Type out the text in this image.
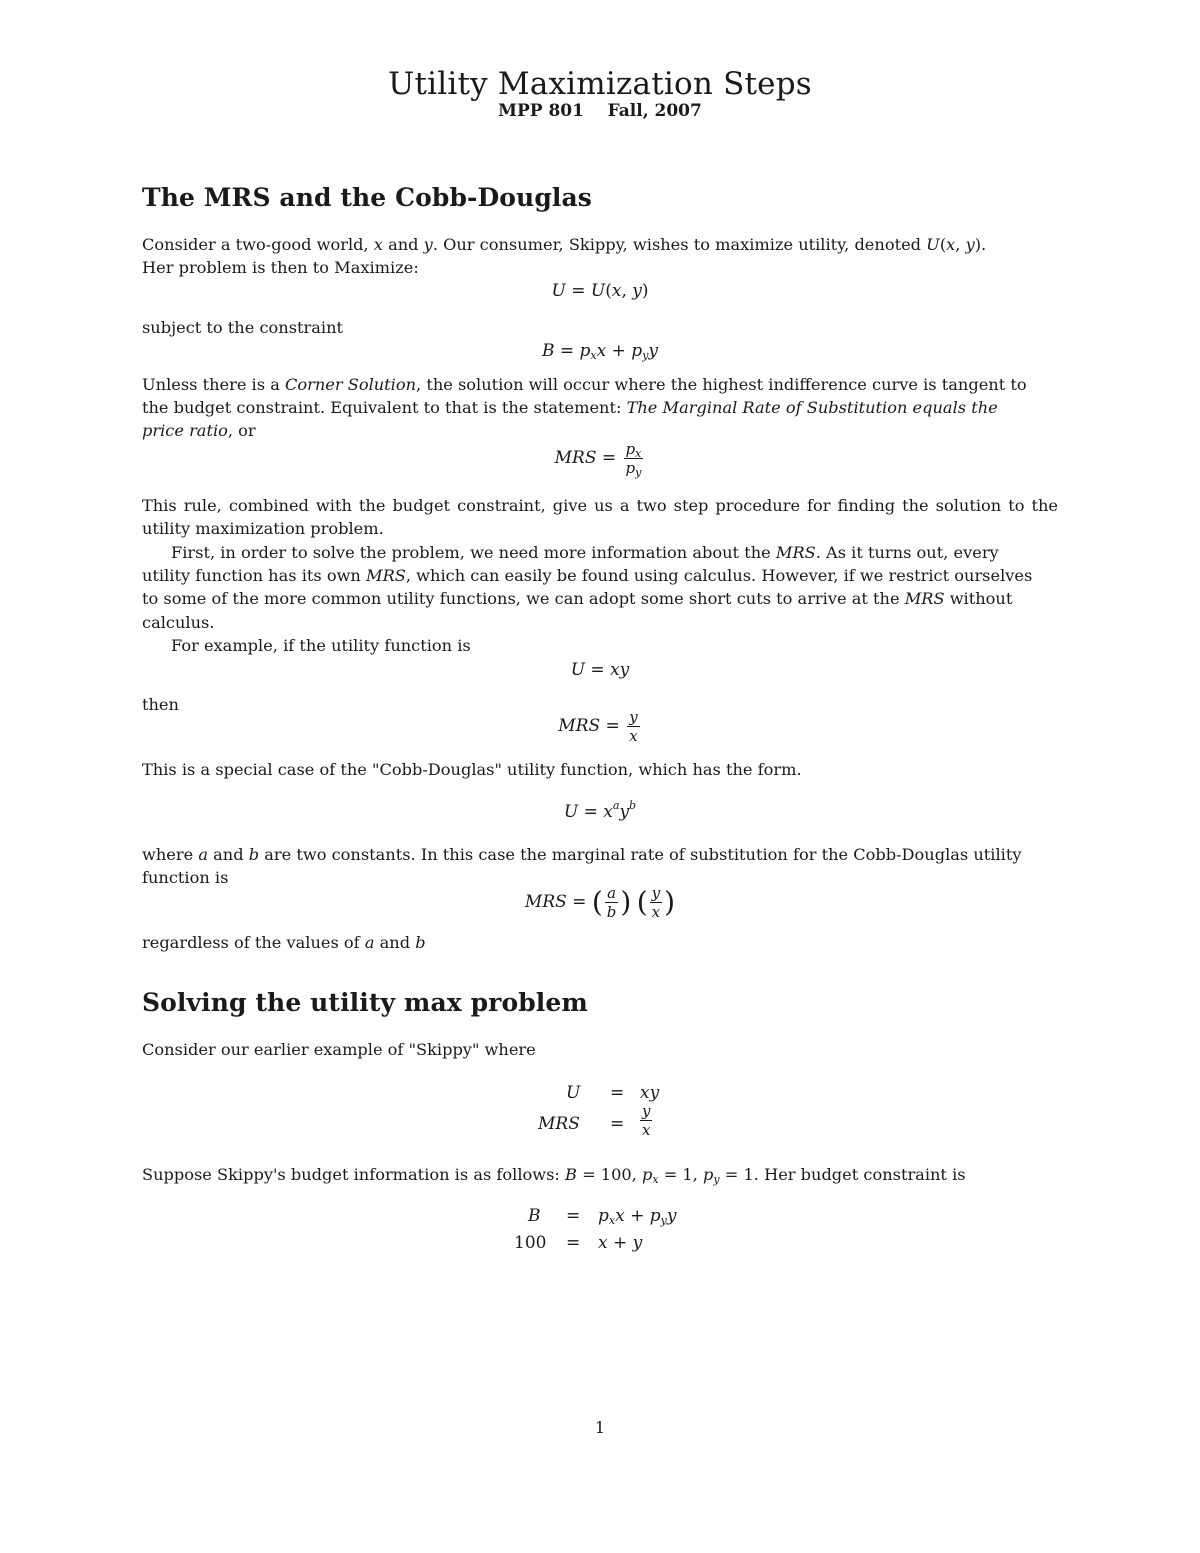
Utility Maximization Steps
MPP 801    Fall, 2007
The MRS and the Cobb-Douglas
Consider a two-good world, x and y. Our consumer, Skippy, wishes to maximize utility, denoted U(x, y).
Her problem is then to Maximize:
U = U(x, y)
subject to the constraint
$B = p_xx + p_yy$
Unless there is a Corner Solution, the solution will occur where the highest indifference curve is tangent to
the budget constraint. Equivalent to that is the statement: The Marginal Rate of Substitution equals the
price ratio, or
MRS = $\frac{p_x}{p_y}$
This rule, combined with the budget constraint, give us a two step procedure for finding the solution to the utility maximization problem.
First, in order to solve the problem, we need more information about the MRS. As it turns out, every
utility function has its own MRS, which can easily be found using calculus. However, if we restrict ourselves
to some of the more common utility functions, we can adopt some short cuts to arrive at the MRS without
calculus.
For example, if the utility function is
U = xy
then
MRS = $\frac{y}{x}$
This is a special case of the "Cobb-Douglas" utility function, which has the form.
$U = x^ay^b$
where a and b are two constants. In this case the marginal rate of substitution for the Cobb-Douglas utility
function is
MRS = ( $\frac{a}{b}$ ) ( $\frac{y}{x}$ )
regardless of the values of a and b
Solving the utility max problem
Consider our earlier example of "Skippy" where
U = xy
MRS = $\frac{y}{x}$
Suppose Skippy's budget information is as follows: B = 100, $p_x = 1$, $p_y = 1$. Her budget constraint is
$B = p_xx + p_yy$
100 = x + y
1
